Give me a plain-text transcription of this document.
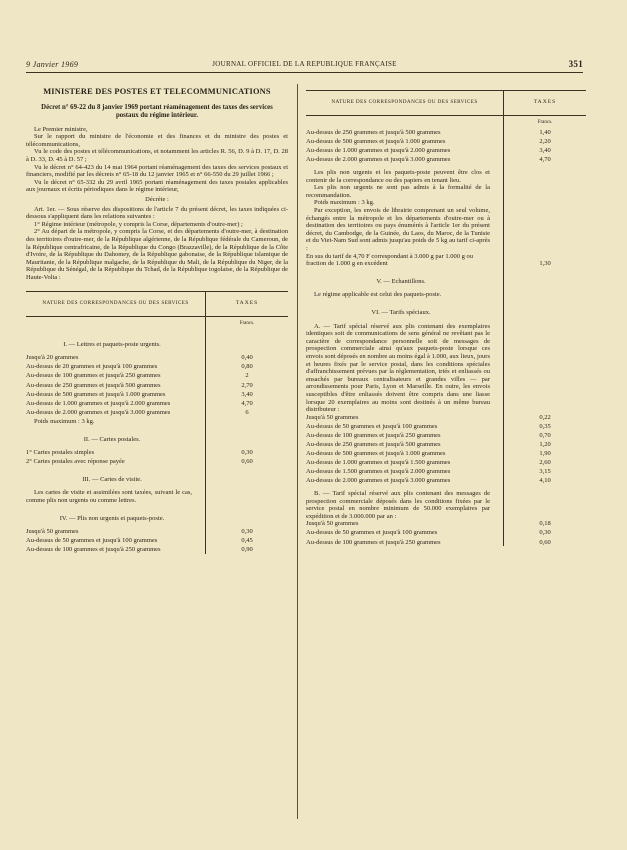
9 Janvier 1969	JOURNAL OFFICIEL DE LA REPUBLIQUE FRANÇAISE	351
MINISTERE DES POSTES ET TELECOMMUNICATIONS
Décret n° 69-22 du 8 janvier 1969 portant réaménagement des taxes des services postaux du régime intérieur.

Le Premier ministre,

Sur le rapport du ministre de l'économie et des finances et du ministre des postes et télécommunications,

Vu le code des postes et télécommunications, et notamment les articles R. 56, D. 9 à D. 17, D. 28 à D. 33, D. 45 à D. 57 ;

Vu le décret n° 64-423 du 14 mai 1964 portant réaménagement des taxes des services postaux et financiers, modifié par les décrets n° 65-18 du 12 janvier 1965 et n° 66-550 du 29 juillet 1966 ;

Vu le décret n° 65-332 du 29 avril 1965 portant réaménagement des taxes postales applicables aux journaux et écrits périodiques dans le régime intérieur,

Décrète :

Art. 1er. — Sous réserve des dispositions de l'article 7 du présent décret, les taxes indiquées ci-dessous s'appliquent dans les relations suivantes :

1° Régime intérieur (métropole, y compris la Corse, départements d'outre-mer) ;

2° Au départ de la métropole, y compris la Corse, et des départements d'outre-mer, à destination des territoires d'outre-mer, de la République algérienne, de la République fédérale du Cameroun, de la République centrafricaine, de la République du Congo (Brazzaville), de la République de la Côte d'Ivoire, de la République du Dahomey, de la République gabonaise, de la République islamique de Mauritanie, de la République malgache, de la République du Mali, de la République du Niger, de la République du Sénégal, de la République du Tchad, de la République togolaise, de la République de Haute-Volta :

NATURE DES CORRESPONDANCES OU DES SERVICES	TAXES
Francs.
I. — Lettres et paquets-poste urgents.
Jusqu'à 20 grammes	0,40
Au-dessus de 20 grammes et jusqu'à 100 grammes	0,80
Au-dessus de 100 grammes et jusqu'à 250 grammes	2
Au-dessus de 250 grammes et jusqu'à 500 grammes	2,70
Au-dessus de 500 grammes et jusqu'à 1.000 grammes	3,40
Au-dessus de 1.000 grammes et jusqu'à 2.000 grammes	4,70
Au-dessus de 2.000 grammes et jusqu'à 3.000 grammes	6
Poids maximum : 3 kg.
II. — Cartes postales.
1° Cartes postales simples	0,30
2° Cartes postales avec réponse payée	0,60
III. — Cartes de visite.
Les cartes de visite et assimilées sont taxées, suivant le cas, comme plis non urgents ou comme lettres.
IV. — Plis non urgents et paquets-poste.
Jusqu'à 50 grammes	0,30
Au-dessus de 50 grammes et jusqu'à 100 grammes	0,45
Au-dessus de 100 grammes et jusqu'à 250 grammes	0,90
NATURE DES CORRESPONDANCES OU DES SERVICES	TAXES
Francs.
Au-dessus de 250 grammes et jusqu'à 500 grammes	1,40
Au-dessus de 500 grammes et jusqu'à 1.000 grammes	2,20
Au-dessus de 1.000 grammes et jusqu'à 2.000 grammes	3,40
Au-dessus de 2.000 grammes et jusqu'à 3.000 grammes	4,70
Les plis non urgents et les paquets-poste peuvent être clos et contenir de la correspondance ou des papiers en tenant lieu.
Les plis non urgents ne sont pas admis à la formalité de la recommandation.
Poids maximum : 3 kg.
Par exception, les envois de librairie comprenant un seul volume, échangés entre la métropole et les départements d'outre-mer ou à destination des territoires ou pays énumérés à l'article 1er du présent décret, du Cambodge, de la Guinée, du Laos, du Maroc, de la Tunisie et du Viet-Nam Sud sont admis jusqu'au poids de 5 kg au tarif ci-après :
En sus du tarif de 4,70 F correspondant à 3.000 g par 1.000 g ou fraction de 1.000 g en excédent	1,30
V. — Echantillons.
Le régime applicable est celui des paquets-poste.
VI. — Tarifs spéciaux.
A. — Tarif spécial réservé aux plis contenant des exemplaires identiques soit de communications de sens général ne revêtant pas le caractère de correspondance personnelle soit de messages de prospection commerciale ainsi qu'aux paquets-poste lorsque ces envois sont déposés en nombre au moins égal à 1.000, aux lieux, jours et heures fixés par le service postal, dans les conditions spéciales d'affranchissement prévues par la réglementation, triés et enliassés ou ensachés par bureaux centralisateurs et grandes villes — par arrondissements pour Paris, Lyon et Marseille. En outre, les envois susceptibles d'être enliassés doivent être compris dans une liasse lorsque 20 exemplaires au moins sont destinés à un même bureau distributeur :
Jusqu'à 50 grammes	0,22
Au-dessus de 50 grammes et jusqu'à 100 grammes	0,35
Au-dessus de 100 grammes et jusqu'à 250 grammes	0,70
Au-dessus de 250 grammes et jusqu'à 500 grammes	1,20
Au-dessus de 500 grammes et jusqu'à 1.000 grammes	1,90
Au-dessus de 1.000 grammes et jusqu'à 1.500 grammes	2,60
Au-dessus de 1.500 grammes et jusqu'à 2.000 grammes	3,15
Au-dessus de 2.000 grammes et jusqu'à 3.000 grammes	4,10
B. — Tarif spécial réservé aux plis contenant des messages de prospection commerciale déposés dans les conditions fixées par le service postal en nombre minimum de 50.000 exemplaires par expédition et de 3.000.000 par an :
Jusqu'à 50 grammes	0,18
Au-dessus de 50 grammes et jusqu'à 100 grammes	0,30
Au-dessus de 100 grammes et jusqu'à 250 grammes	0,60
